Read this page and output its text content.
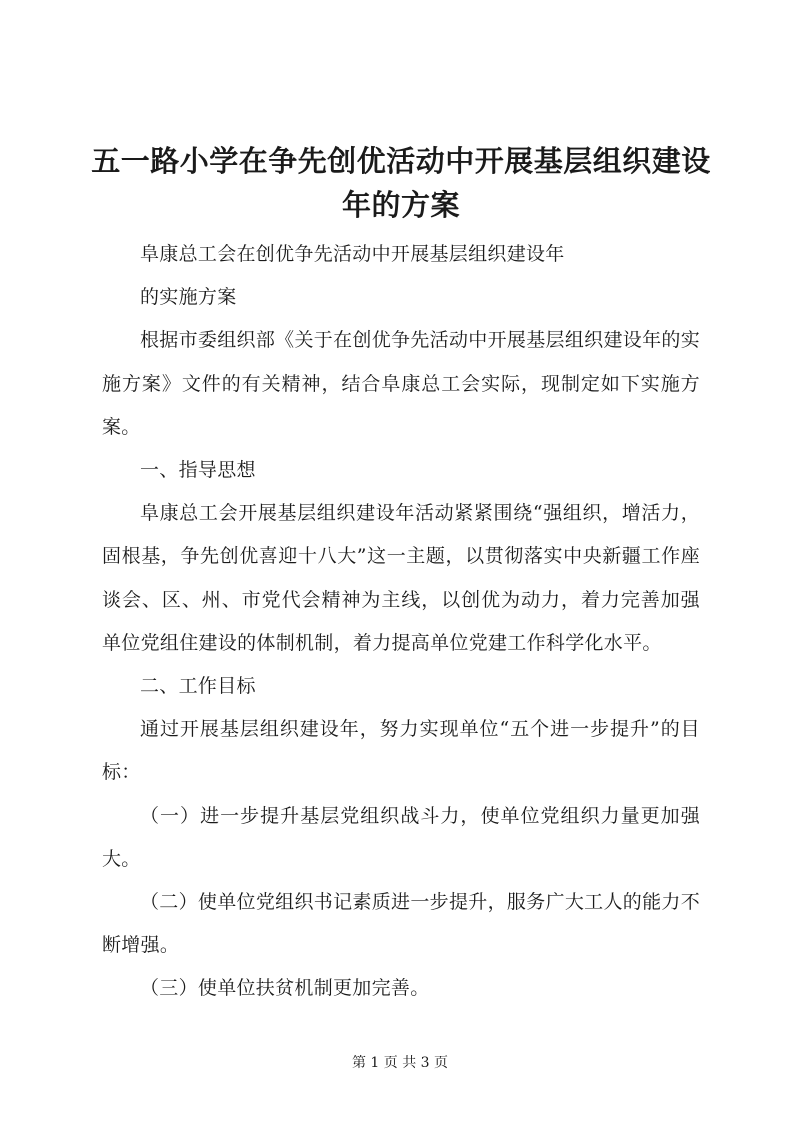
五一路小学在争先创优活动中开展基层组织建设年的方案

阜康总工会在创优争先活动中开展基层组织建设年

的实施方案

根据市委组织部《关于在创优争先活动中开展基层组织建设年的实施方案》文件的有关精神，结合阜康总工会实际，现制定如下实施方案。

一、指导思想

阜康总工会开展基层组织建设年活动紧紧围绕“强组织，增活力，固根基，争先创优喜迎十八大”这一主题，以贯彻落实中央新疆工作座谈会、区、州、市党代会精神为主线，以创优为动力，着力完善加强单位党组住建设的体制机制，着力提高单位党建工作科学化水平。

二、工作目标

通过开展基层组织建设年，努力实现单位“五个进一步提升”的目标：

（一）进一步提升基层党组织战斗力，使单位党组织力量更加强大。

（二）使单位党组织书记素质进一步提升，服务广大工人的能力不断增强。

（三）使单位扶贫机制更加完善。

第 1 页 共 3 页
